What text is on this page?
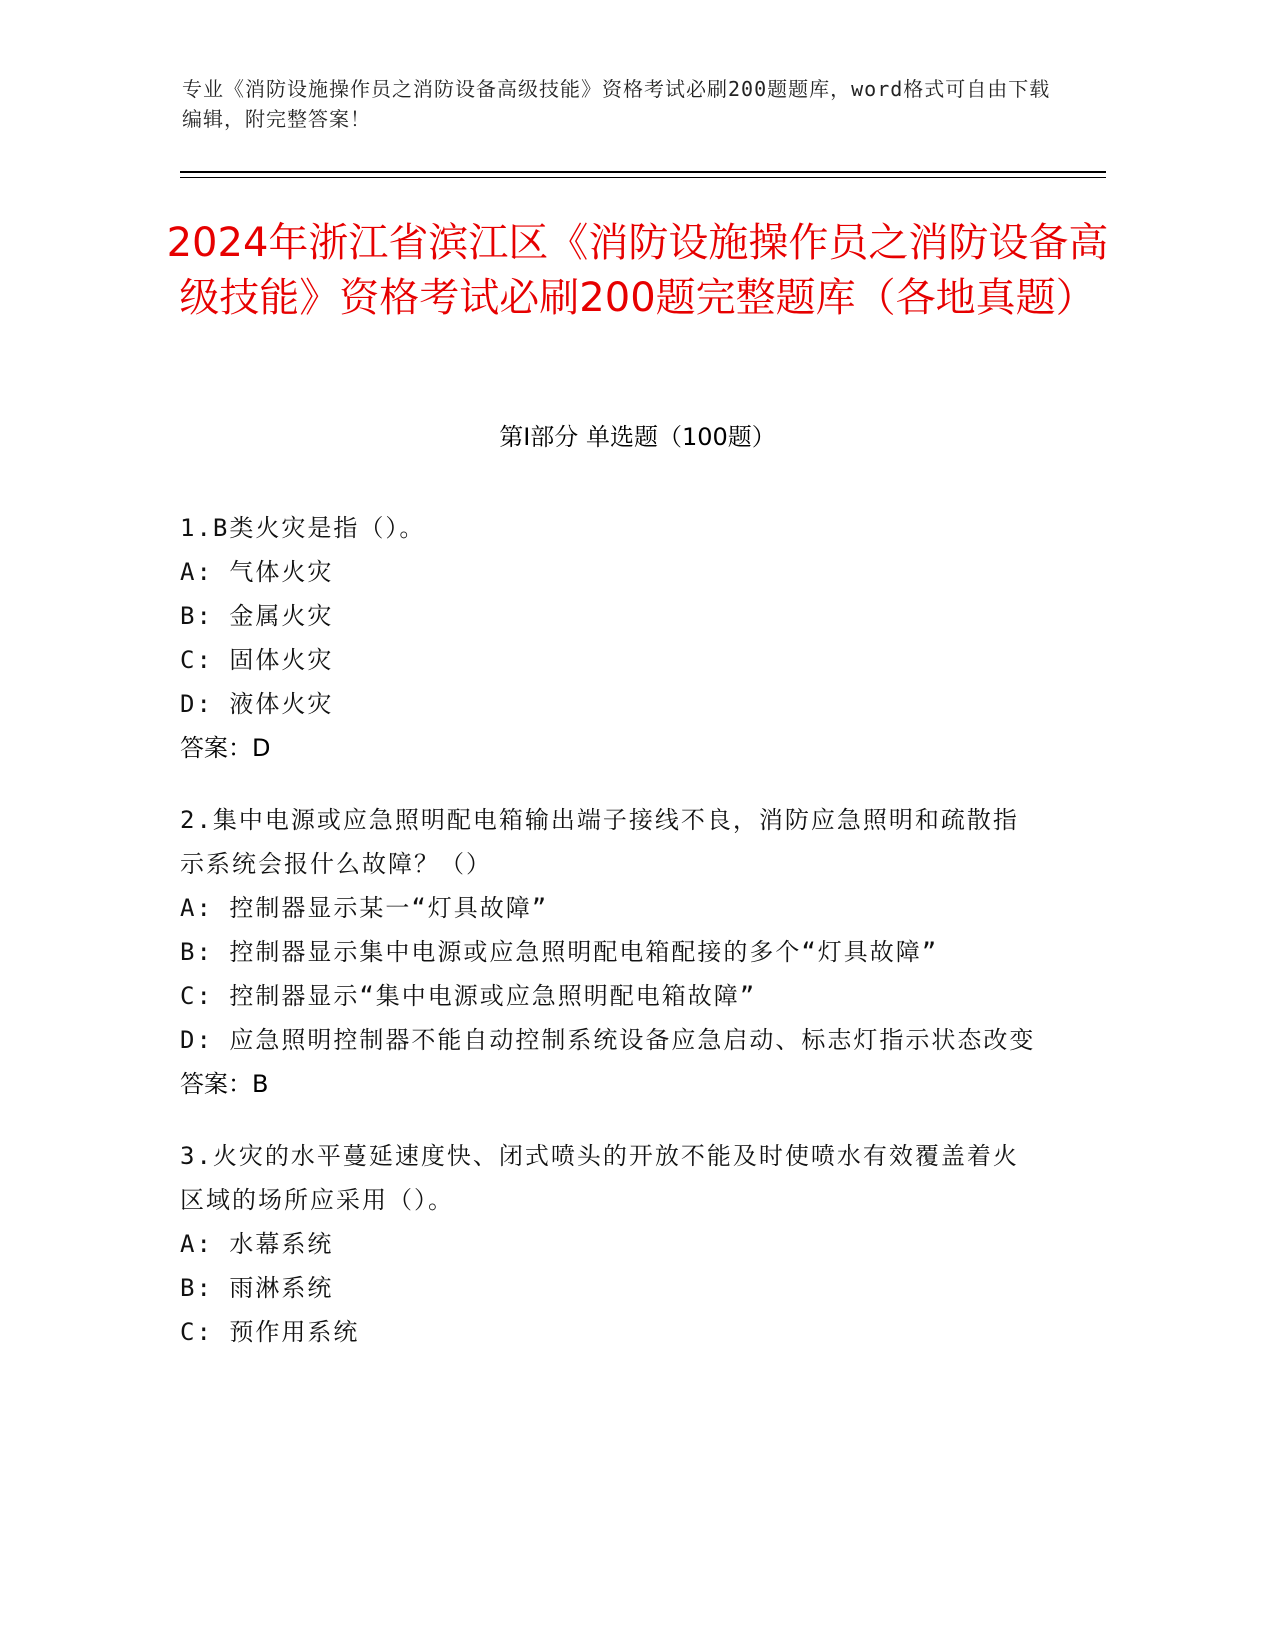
专业《消防设施操作员之消防设备高级技能》资格考试必刷200题题库，word格式可自由下载编辑，附完整答案！
2024年浙江省滨江区《消防设施操作员之消防设备高级技能》资格考试必刷200题完整题库（各地真题）
第I部分 单选题（100题）
1.B类火灾是指（）。
A: 气体火灾
B: 金属火灾
C: 固体火灾
D: 液体火灾
答案：D
2.集中电源或应急照明配电箱输出端子接线不良，消防应急照明和疏散指示系统会报什么故障？（）
A: 控制器显示某一“灯具故障”
B: 控制器显示集中电源或应急照明配电箱配接的多个“灯具故障”
C: 控制器显示“集中电源或应急照明配电箱故障”
D: 应急照明控制器不能自动控制系统设备应急启动、标志灯指示状态改变
答案：B
3.火灾的水平蔓延速度快、闭式喷头的开放不能及时使喷水有效覆盖着火区域的场所应采用（）。
A: 水幕系统
B: 雨淋系统
C: 预作用系统
